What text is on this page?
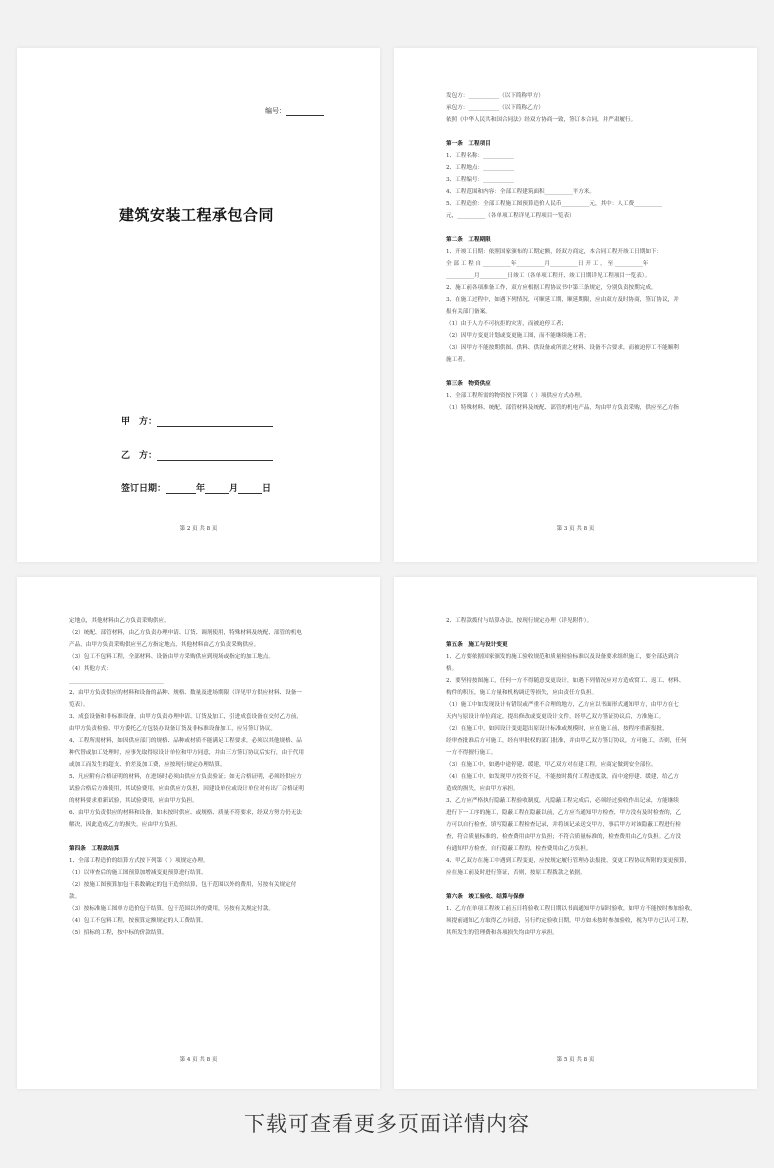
编号：
建筑安装工程承包合同
甲　方：
乙　方：
签订日期：	年	月	日
第 2 页 共 8 页

发包方：___________（以下简称甲方）

承包方：___________（以下简称乙方）

依照《中华人民共和国合同法》经双方协商一致，签订本合同，并严肃履行。

第一条　工程项目

1、工程名称：___________

2、工程地点：___________

3、工程编号：___________

4、工程范围和内容：全部工程建筑面积__________平方米。

5、工程造价：全部工程施工图预算造价人民币__________元，其中：人工费__________

元，__________（各单项工程详见工程项目一览表）

第二条　工程期限

1、开竣工日期：依照国家颁布的工期定额，经双方商定，本合同工程开竣工日期如下：

全 部 工 程 自 __________年__________月__________日 开 工 ， 至 __________年

__________月__________日竣工（各单项工程开、竣工日期详见工程项目一览表）。

2、施工前各项准备工作，双方应根据工程协议书中第三条规定，分别负责按期完成。

3、在施工过程中，如遇下列情况，可顺延工期，顺延期限，应由双方及时协商，签订协议，并

报有关部门备案。

（1）由于人力不可抗拒的灾害，而被迫停工者；

（2）因甲方变更计划或变更施工图，而不能继续施工者；

（3）因甲方不能按期供图、供料、供设备或所需之材料、设备不合要求，而被迫停工不能顺利

施工者。

第三条　物资供应

1、全部工程所需的物资按下列第（ ）项供应方式办理。

（1）特殊材料、统配、部管材料及统配、部管的机电产品，均由甲方负责采购，供应至乙方指

第 3 页 共 8 页

定地点，其他材料由乙方负责采购供应。

（2）统配、部管材料，由乙方负责办理申请、订货、调剂使用，特殊材料及统配、部管的机电

产品，由甲方负责采购供应至乙方指定地点，其他材料由乙方负责采购供应。

（3）包工不包料工程，全部材料、设备由甲方采购供应到现场或指定的加工地点。

（4）其他方式：

__________________________________

2、由甲方负责供应的材料和设备的品种、规格、数量及进场期限（详见甲方供应材料、设备一

览表）。

3、成套设备和非标准设备，由甲方负责办理申请、订货及加工，引进成套设备在交付乙方前，

由甲方负责检验、甲方委托乙方包装办设备订货及非标准设备加工，应另签订协议。

4、工程所需材料，如因供应部门的规格、品种或材质不能满足工程要求，必须以其他规格、品

种代替或加工处理时，应事先取得原设计单位和甲方同意，并由三方签订协议后实行，由于代用

或加工而发生的超支、价差及加工费，应按现行规定办理结算。

5、凡应附有合格证明的材料，在进场时必须由供应方负责验证；如无合格证明，必须经供应方

试验合格后方准使用，其试验费用，应由供应方负担，因建设单位或设计单位对有出厂合格证明

的材料要求重新试验，其试验费用，应由甲方负担。

6、由甲方负责供应的材料和设备，如未按时供应、或规格、质量不符要求，经双方努力仍无法

解决，因此造成乙方的损失，应由甲方负担。

第四条　工程款结算

1、全部工程造价的结算方式按下列第（ ）项规定办理。

（1）以审查后的施工图预算加增减变更预算进行结算。

（2）按施工图预算加包干系数确定的包干造价结算，包干范围以外的费用，另按有关规定付

款。

（3）按标准施工图单方造价包干结算，包干范围以外的费用，另按有关规定付款。

（4）包工不包料工程，按预算定额规定的人工费结算。

（5）招标的工程，按中标的价款结算。

第 4 页 共 8 页

2、工程款拨付与结算办法，按现行规定办理（详见附件）。

第五条　施工与设计变更

1、乙方要依据国家颁发的施工验收规范和质量检验标准以及设备要求组织施工，要全部达到合

格。

2、要坚持按图施工，任何一方不得随意变更设计，如遇下列情况应对方造成窝工、返工、材料、

构件的积压，施工方量和机构调迁等损失，应由责任方负担。

（1）施工中如发现设计有错误或严重不合理的地方，乙方应以书面形式通知甲方，由甲方在七

天内与原设计单位商定，提出修改或变更设计文件，经甲乙双方签证协议后，方准施工。

（2）在施工中，如因设计变更超出原设计标准或规模时，应在施工前，按程序重新报批，

经审查批准后方可施工，经有审批权的部门批准，并由甲乙双方签订协议，方可施工，否则，任何

一方不得擅行施工。

（3）在施工中，如遇中途停建、缓建，甲乙双方对在建工程，应商定做到安全部位。

（4）在施工中，如发现甲方投资不足，不能按时拨付工程进度款，而中途停建、缓建，给乙方

造成的损失，应由甲方承担。

3、乙方应严格执行隐蔽工程验收制度，凡隐蔽工程完成后，必须经过验收作出记录，方能继续

进行下一工序的施工，隐蔽工程在隐蔽以前，乙方应当通知甲方检查，甲方没有及时检查的，乙

方可以自行检查，填写隐蔽工程检查记录，并将该记录送交甲方，事后甲方对该隐蔽工程进行检

查，符合质量标准的，检查费用由甲方负担；不符合质量标准的，检查费用由乙方负担。乙方没

有通知甲方检查，自行隐蔽工程的，检查费用由乙方负担。

4、甲乙双方在施工中遇到工程变更，应按规定履行管理办法报批，变更工程协议所附的变更预算，

应在施工前及时进行签证，否则，按原工程拨款之依据。

第六条　竣工验收、结算与保修

1、乙方在单项工程竣工前五日将验收工程日期以书面通知甲方届时验收，如甲方不能按时参加验收，

须提前通知乙方取得乙方同意，另行约定验收日期，甲方如未按时参加验收，视为甲方已认可工程，

其所发生的管理费和各项损失均由甲方承担。

第 5 页 共 8 页
下载可查看更多页面详情内容
